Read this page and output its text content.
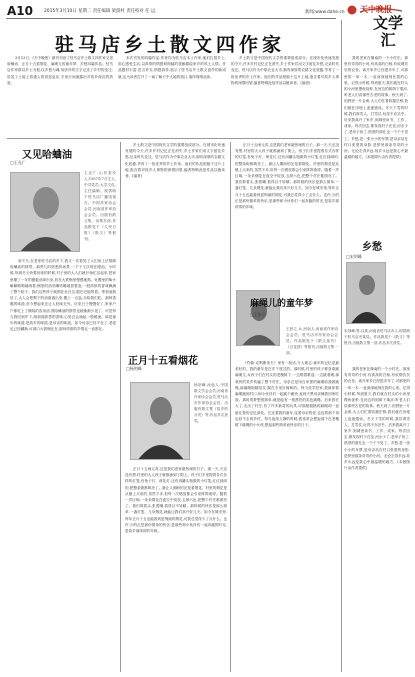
A10	2015年3月10日 星期二 责任编辑 梁游村 责任校对 任 远	新闻:www.dahe.cn 天中晚报
文学汇
驻马店乡土散文四作家

3月13日,《天中晚报》副刊刊登了驻马店乡土散文四作家又见哈蛐油、正月十五看烟花、麻绳儿的童年梦、乡愁四篇作品。驻马店作家群以乡土为根,以乡愁为魂,用质朴的文字记录了乡村的变迁,讲述了土地上普通人的喜怒哀乐,字里行间流露出对故乡深沉的热爱。

本次刊发的四篇作品,作者均为驻马店本土作家,他们扎根乡土,用心感受生活,以真挚的情感和细腻的笔触描绘家乡的风土人情。作品题材丰富,语言朴实,情感真挚,展示了驻马店乡土散文创作的新成就,也为读者打开了一扇了解天中大地的窗口,值得细细品读。

乡土散文是中国现代文学的重要组成部分。在城市化快速发展的今天,许多乡村记忆正在消失,乡土作家们用文字留住乡愁,记录时代变迁。驻马店作为中原农业大市,拥有深厚的农耕文化底蕴,孕育了一批优秀的乡土作家。他们的作品根植于这片土地,饱含着对故乡人事物的深情回望,编者特辑此组作品以飨读者。(编者)

我的老家在豫南的一个小村庄。那里有弯弯的小河,有高高的白杨,有炊烟袅袅的农舍。离开家乡已经很多年了,可那里的一草一木,一直深深地刻在我的心里。记得小时候,每到夏天,我们就在村头的小河里摸鱼捉虾,在河边的树荫下乘凉,听老人们讲那些古老的故事。秋天到了,田野里一片金黄,大人们忙着收割庄稼,我们就在田埂上追逐嬉戏。冬天下雪的时候,我们堆雪人、打雪仗,玩得不亦乐乎。后来我离开了家乡,到城里读书、工作、成家。每次回去,都发现村子在变,河水少了,老房子拆了,熟悉的面孔也一个个不见了。乡愁,是一张小小的车票,是母亲站在村口张望的身影,是梦里那条弯弯的小河。无论走得多远,故乡永远是我心中最温暖的地方。(本版图片由作者提供)

又见哈蛐油
□王光广
王光广,山东泰安人,1957年7月生人,中共党员,大学文化,主任编辑。现供职于驻马店广播电视台。中国作家协会会员,河南省作家协会会员。出版有散文集、诗集多部,作品散见于《人民日报》《散文》等报刊。

前不久,在老家驻马店的乡下,我又一次看见了人们用土法熬制哈蛐油的情景。那些儿时熟悉的场景,一下子又浮现在眼前。小时候,每到冬天快要到来的时候,村子里的大人们就开始忙活起来,把家里攒了一年的猪板油拿出来,放在大铁锅里慢慢地熬。灶膛里的柴火噼噼啪啪地响着,锅里的油咕嘟咕嘟地冒着泡,一股浓浓的香味飘满了整个院子。我们这些孩子就围在灶台边,眼巴巴地等着。等到油熬好了,大人会把剩下的油渣盛出来,撒上一点盐,分给我们吃。那种香脆的味道,至今想起来还让人回味无穷。后来日子慢慢好了,家家户户都吃上了桶装的食用油,熬哈蛐油的情景也就渐渐少见了。可是每当我回到乡下,闻到那熟悉的香味,心里总会涌起一股暖流。那是童年的味道,是故乡的味道,是母亲的味道。如今母亲已经不在了,老屋也已经翻新,可那口大铁锅还在,那份浓浓的乡情也一直都在。

乡土散文是中国现代文学的重要组成部分。在城市化快速发展的今天,许多乡村记忆正在消失,乡土作家们用文字留住乡愁,记录时代变迁。驻马店作为中原农业大市,拥有深厚的农耕文化底蕴,孕育了一批优秀的乡土作家。他们的作品根植于这片土地,饱含着对故乡人事物的深情回望,编者特辑此组作品以飨读者。(编者)

正月十五看烟花
□杨剑峰
杨剑峰,汝南人,中国散文学会会员,河南省作家协会会员,驻马店市作家协会会员。出版有散文集《故乡的月亮》等,作品多次获奖。

正月十五闹元宵,这是我们老家最热闹的日子。那一天,天还没有黑,村里的大人孩子就都涌到了街上。孩子们手里提着各式各样的灯笼,有兔子灯、荷花灯,还有用罐头瓶做的小灯笼,红红绿绿的,把整条街都映亮了。最让人期盼的还是看烟花。村里的烟花是从镇上买来的,虽然不多,但每一次燃放都会引来阵阵欢呼。随着一声巨响,一朵朵烟花在夜空中绽放,五颜六色,把整个村庄都照亮了。我们仰着头,张着嘴,看得目不转睛。那时候的快乐是那么简单,一盏灯笼、几朵烟花,就能让我们高兴好几天。如今在城市里,每年正月十五也能看到更绚丽的烟花,可我总觉得少了点什么。也许,少的正是那份简单的快乐,是那些和小伙伴们一起奔跑的时光,是故乡那浓浓的年味。

正月十五闹元宵,这是我们老家最热闹的日子。那一天,天还没有黑,村里的大人孩子就都涌到了街上。孩子们手里提着各式各样的灯笼,有兔子灯、荷花灯,还有用罐头瓶做的小灯笼,红红绿绿的,把整条街都映亮了。最让人期盼的还是看烟花。村里的烟花是从镇上买来的,虽然不多,但每一次燃放都会引来阵阵欢呼。随着一声巨响,一朵朵烟花在夜空中绽放,五颜六色,把整个村庄都照亮了。我们仰着头,张着嘴,看得目不转睛。那时候的快乐是那么简单,一盏灯笼、几朵烟花,就能让我们高兴好几天。如今在城市里,每年正月十五也能看到更绚丽的烟花,可我总觉得少了点什么。也许,少的正是那份简单的快乐,是那些和小伙伴们一起奔跑的时光,是故乡那浓浓的年味。

麻绳儿的童年梦
□王彭立
王彭立,女,河南人,河南省作家协会会员。驻马店市作家协会会员。作品散见于《散文选刊》《百花园》等报刊,出版散文集一部。

《约翰·克利斯朵夫》里有一段话,令人难忘:童年的记忆是最美好的。我的童年是在乡下度过的。那时候,村里的孩子都喜欢跳麻绳儿,女孩子们在村头的老槐树下,一边唱着歌谣,一边跳着绳,那欢快的笑声传遍了整个村庄。母亲总是用自家搓的麻绳给我做跳绳,那麻绳粗糙结实,握在手里沉甸甸的。每当放学回家,我就拿着麻绳跑到村口,和小伙伴们一起跳个痛快,直到天黑母亲喊我回家吃饭。那时的梦想很简单,就是能有一根漂亮的彩色跳绳。后来我长大了,走出了村庄,有了许多新奇的玩具,可那根粗糙的麻绳却一直留在我的记忆深处。它连着我的童年,连着母亲的爱,也连着那个再也回不去的乡村。每当夜深人静的时候,我常常会想起那个在老槐树下跳绳的小女孩,想起那些简单而快乐的日子。

乡愁
□宋剑峰
宋剑峰,男,汉族,河南省驻马店市人,现供职于驻马店市某局。作品散见于《散文》等报刊,出版散文集一部,作品多次获奖。

我的老家在豫南的一个小村庄。那里有弯弯的小河,有高高的白杨,有炊烟袅袅的农舍。离开家乡已经很多年了,可那里的一草一木,一直深深地刻在我的心里。记得小时候,每到夏天,我们就在村头的小河里摸鱼捉虾,在河边的树荫下乘凉,听老人们讲那些古老的故事。秋天到了,田野里一片金黄,大人们忙着收割庄稼,我们就在田埂上追逐嬉戏。冬天下雪的时候,我们堆雪人、打雪仗,玩得不亦乐乎。后来我离开了家乡,到城里读书、工作、成家。每次回去,都发现村子在变,河水少了,老房子拆了,熟悉的面孔也一个个不见了。乡愁,是一张小小的车票,是母亲站在村口张望的身影,是梦里那条弯弯的小河。无论走得多远,故乡永远是我心中最温暖的地方。(本版图片由作者提供)
